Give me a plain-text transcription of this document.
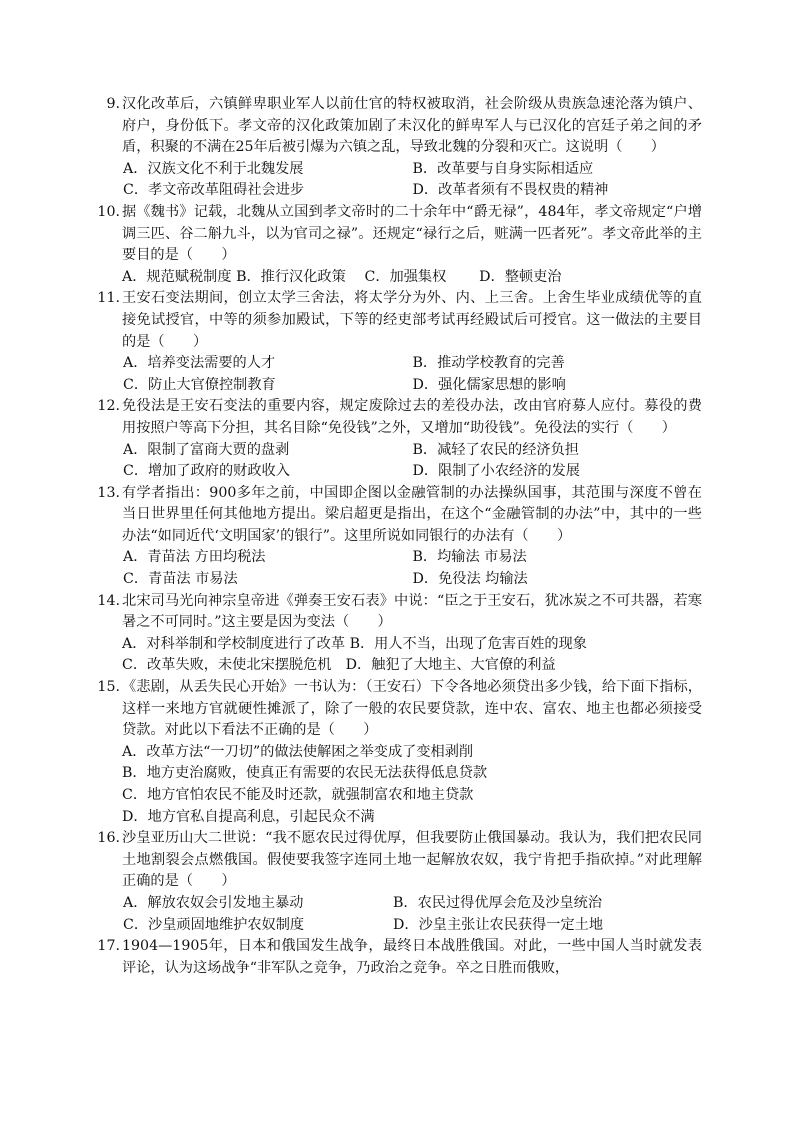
9. 汉化改革后，六镇鲜卑职业军人以前仕官的特权被取消，社会阶级从贵族急速沦落为镇户、府户，身份低下。孝文帝的汉化政策加剧了未汉化的鲜卑军人与已汉化的宫廷子弟之间的矛盾，积聚的不满在25年后被引爆为六镇之乱，导致北魏的分裂和灭亡。这说明（　　）
A．汉族文化不利于北魏发展	B．改革要与自身实际相适应
C．孝文帝改革阻碍社会进步	D．改革者须有不畏权贵的精神
10. 据《魏书》记载，北魏从立国到孝文帝时的二十余年中“爵无禄”，484年，孝文帝规定“户增调三匹、谷二斛九斗，以为官司之禄”。还规定“禄行之后，赃满一匹者死”。孝文帝此举的主要目的是（　　）
A．规范赋税制度 B．推行汉化政策　 C．加强集权　　 D．整顿吏治
11. 王安石变法期间，创立太学三舍法，将太学分为外、内、上三舍。上舍生毕业成绩优等的直接免试授官，中等的须参加殿试，下等的经吏部考试再经殿试后可授官。这一做法的主要目的是（　　）
A．培养变法需要的人才	B．推动学校教育的完善
C．防止大官僚控制教育	D．强化儒家思想的影响
12. 免役法是王安石变法的重要内容，规定废除过去的差役办法，改由官府募人应付。募役的费用按照户等高下分担，其名目除“免役钱”之外，又增加“助役钱”。免役法的实行（　　）
A．限制了富商大贾的盘剥	B．减轻了农民的经济负担
C．增加了政府的财政收入	D．限制了小农经济的发展
13. 有学者指出：900多年之前，中国即企图以金融管制的办法操纵国事，其范围与深度不曾在当日世界里任何其他地方提出。梁启超更是指出，在这个“金融管制的办法”中，其中的一些办法“如同近代‘文明国家’的银行”。这里所说如同银行的办法有（　　）
A．青苗法 方田均税法	B．均输法 市易法
C．青苗法 市易法	D．免役法 均输法
14. 北宋司马光向神宗皇帝进《弹奏王安石表》中说：“臣之于王安石，犹冰炭之不可共器，若寒暑之不可同时。”这主要是因为变法（　　）
A．对科举制和学校制度进行了改革 B．用人不当，出现了危害百姓的现象
C．改革失败，未使北宋摆脱危机　D．触犯了大地主、大官僚的利益
15. 《悲剧，从丢失民心开始》一书认为：（王安石）下令各地必须贷出多少钱，给下面下指标，这样一来地方官就硬性摊派了，除了一般的农民要贷款，连中农、富农、地主也都必须接受贷款。对此以下看法不正确的是（　　）
A．改革方法“一刀切”的做法使解困之举变成了变相剥削
B．地方吏治腐败，使真正有需要的农民无法获得低息贷款
C．地方官怕农民不能及时还款，就强制富农和地主贷款
D．地方官私自提高利息，引起民众不满
16. 沙皇亚历山大二世说：“我不愿农民过得优厚，但我要防止俄国暴动。我认为，我们把农民同土地割裂会点燃俄国。假使要我签字连同土地一起解放农奴，我宁肯把手指砍掉。”对此理解正确的是（　　）
A．解放农奴会引发地主暴动	B．农民过得优厚会危及沙皇统治
C．沙皇顽固地维护农奴制度	D．沙皇主张让农民获得一定土地
17. 1904—1905年，日本和俄国发生战争，最终日本战胜俄国。对此，一些中国人当时就发表评论，认为这场战争“非军队之竞争，乃政治之竞争。卒之日胜而俄败，
